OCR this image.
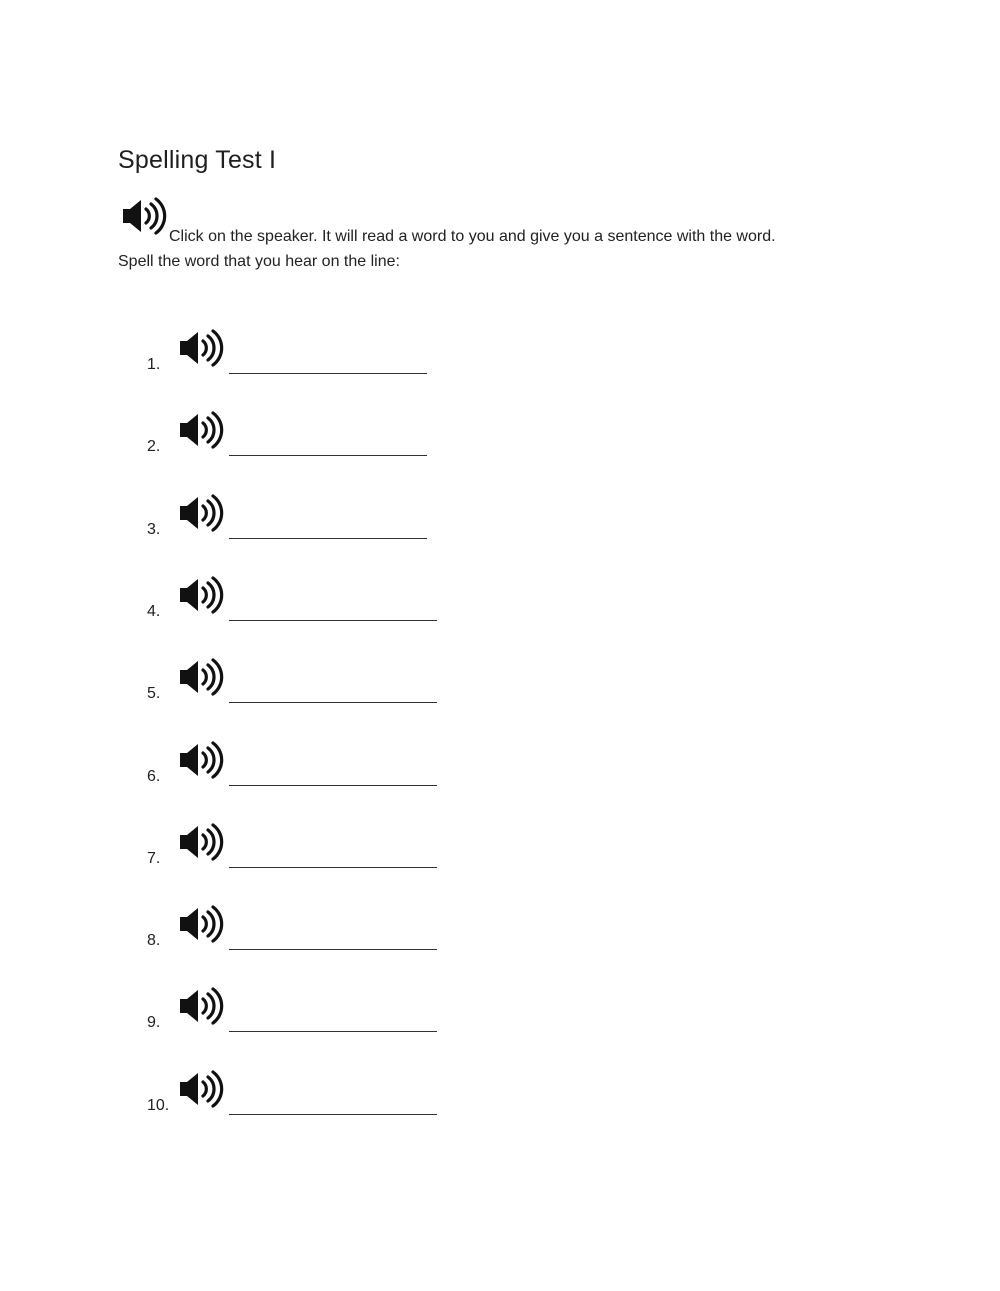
Spelling Test I
Click on the speaker. It will read a word to you and give you a sentence with the word.
Spell the word that you hear on the line:
1.
2.
3.
4.
5.
6.
7.
8.
9.
10.
